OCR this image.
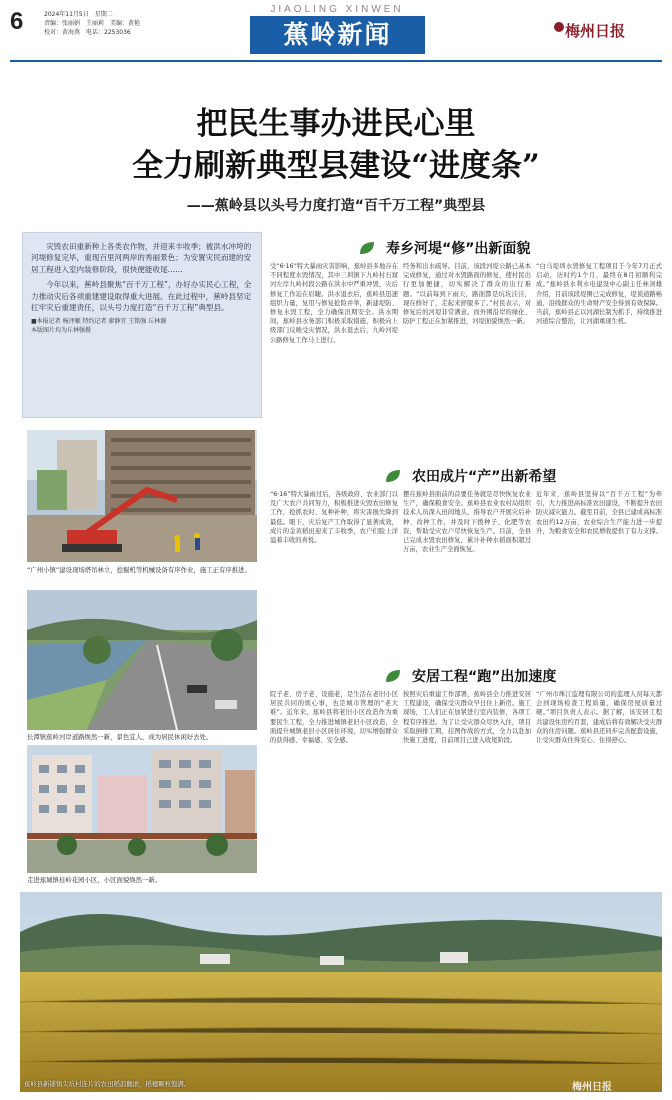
JIAOLING XINWEN
6	2024年11月5日　星期二
责编：张丽娟　王丽莉　美编：黄艳
校对：黄海燕　电话：2253036	蕉岭新闻	梅州日报
把民生事办进民心里
全力刷新典型县建设“进度条”
——蕉岭县以头号力度打造“百千万工程”典型县

灾毁农田重新种上各类农作物，并迎来丰收季；被洪水冲垮的河堤修复完毕，重现百里河两岸的秀丽景色；为安置灾民而建的安居工程进入室内装修阶段，很快便能收尾……

今年以来，蕉岭县聚焦“百千万工程”，办好办实民心工程，全力推动灾后各项重建建设取得重大进展。在此过程中，蕉岭县坚定扛牢灾后重建责任，以头号力度打造“百千万工程”典型县。

■本报记者 杨泽顺 特约记者 廖静宜 王铭强 丘林源

本版图片均为丘林强摄

“广州小镇”建设现场塔吊林立，挖掘机等机械设备有序作业，施工正有序推进。
长潭镇蕉岭河岸道路焕然一新，景色宜人，成为居民休闲好去处。
走进蕉城镇桂岭花园小区，小区面貌焕然一新。
寿乡河堤“修”出新面貌
受“6·16”特大暴雨灾害影响，蕉岭县多地存在不同程度水毁情况，其中三圳镇下九岭村石窟河左岸九岭村段公路在洪水中严重冲毁，灾后修复工作迫在眉睫。洪水退去后，蕉岭县迅速组织力量，复用与修复抢险并举，新建堤防、修复水毁工程，全力确保汛期安全。洪水期间，蕉岭县水务部门积极采取措施，积极向上级部门反映受灾情况，洪水退去后，九岭河堤公路修复工作马上进行。
经务和出水疏导。目前，该段河堤公路已基本完成修复，通过对水毁路面的修复，使村民出行更加便捷，切实解决了群众的出行难题。“以前每到下雨天，路面都是坑坑洼洼，现在修好了，走起来舒服多了。”村民表示，对修复后的河堤非常满意。而外围沿岸的绿化、防护工程正在加紧推进，河堤面貌焕然一新。
“白马堤圳水毁修复工程项目于今年7月正式启动，历时约1个月，最终在8月初顺利完成。”蕉岭县水利水电建设中心副主任林剑雄介绍，目前该段堤围已完成修复，堤顶道路畅通，沿线群众的生命财产安全得到有效保障。当前，蕉岭县正以河湖长制为抓手，持续推进河道综合整治，让河湖重现生机。
农田成片“产”出新希望
“6·16”特大暴雨过后，各级政府、农业部门以及广大农户共同努力，积极推进灾毁农田修复工作，抢抓农时、复种补种，将灾害损失降到最低。眼下，灾后复产工作取得了显著成效，成片的金黄稻田迎来了丰收季，农户们脸上洋溢着丰收的喜悦。
摆在蕉岭县面前的首要任务就是尽快恢复农业生产，确保粮食安全。蕉岭县农业农村局组织技术人员深入田间地头，指导农户开展灾后补种、改种工作，并及时下拨种子、化肥等农资，帮助受灾农户尽快恢复生产。目前，全县已完成水毁农田修复，累计补种水稻面积超过万亩，农业生产全面恢复。
近年来，蕉岭县坚持以“百千万工程”为牵引，大力推进高标准农田建设，不断提升农田防灾减灾能力。截至目前，全县已建成高标准农田约12万亩，农业综合生产能力进一步提升，为粮食安全和农民增收提供了有力支撑。
安居工程“跑”出加速度
院子老、房子老、设施老，是生活在老旧小区居民共同的烦心事，也是城市管理的“老大难”。近年来，蕉岭县将老旧小区改造作为重要民生工程，全力推进城镇老旧小区改造，全面提升城镇老旧小区居住环境，切实增强群众的获得感、幸福感、安全感。
按照灾后重建工作部署，蕉岭县全力推进安居工程建设，确保受灾群众早日住上新房。施工现场，工人们正在加紧进行室内装修，各项工程有序推进。为了让受灾群众尽快入住，项目采取倒排工期、挂图作战的方式，全力以赴加快施工进度，目前项目已进入收尾阶段。
“广州市珠江监理有限公司的监理人员每天都会到现场检查工程质量，确保房屋质量过硬。”项目负责人表示。据了解，该安居工程共建设住房约百套，建成后将有效解决受灾群众的住房问题。蕉岭县还同步完善配套设施，让受灾群众住得安心、住得舒心。
蕉岭县新铺镇尖坑村连片的农田稻浪翻滚，稻穗颗粒饱满。	梅州日报
